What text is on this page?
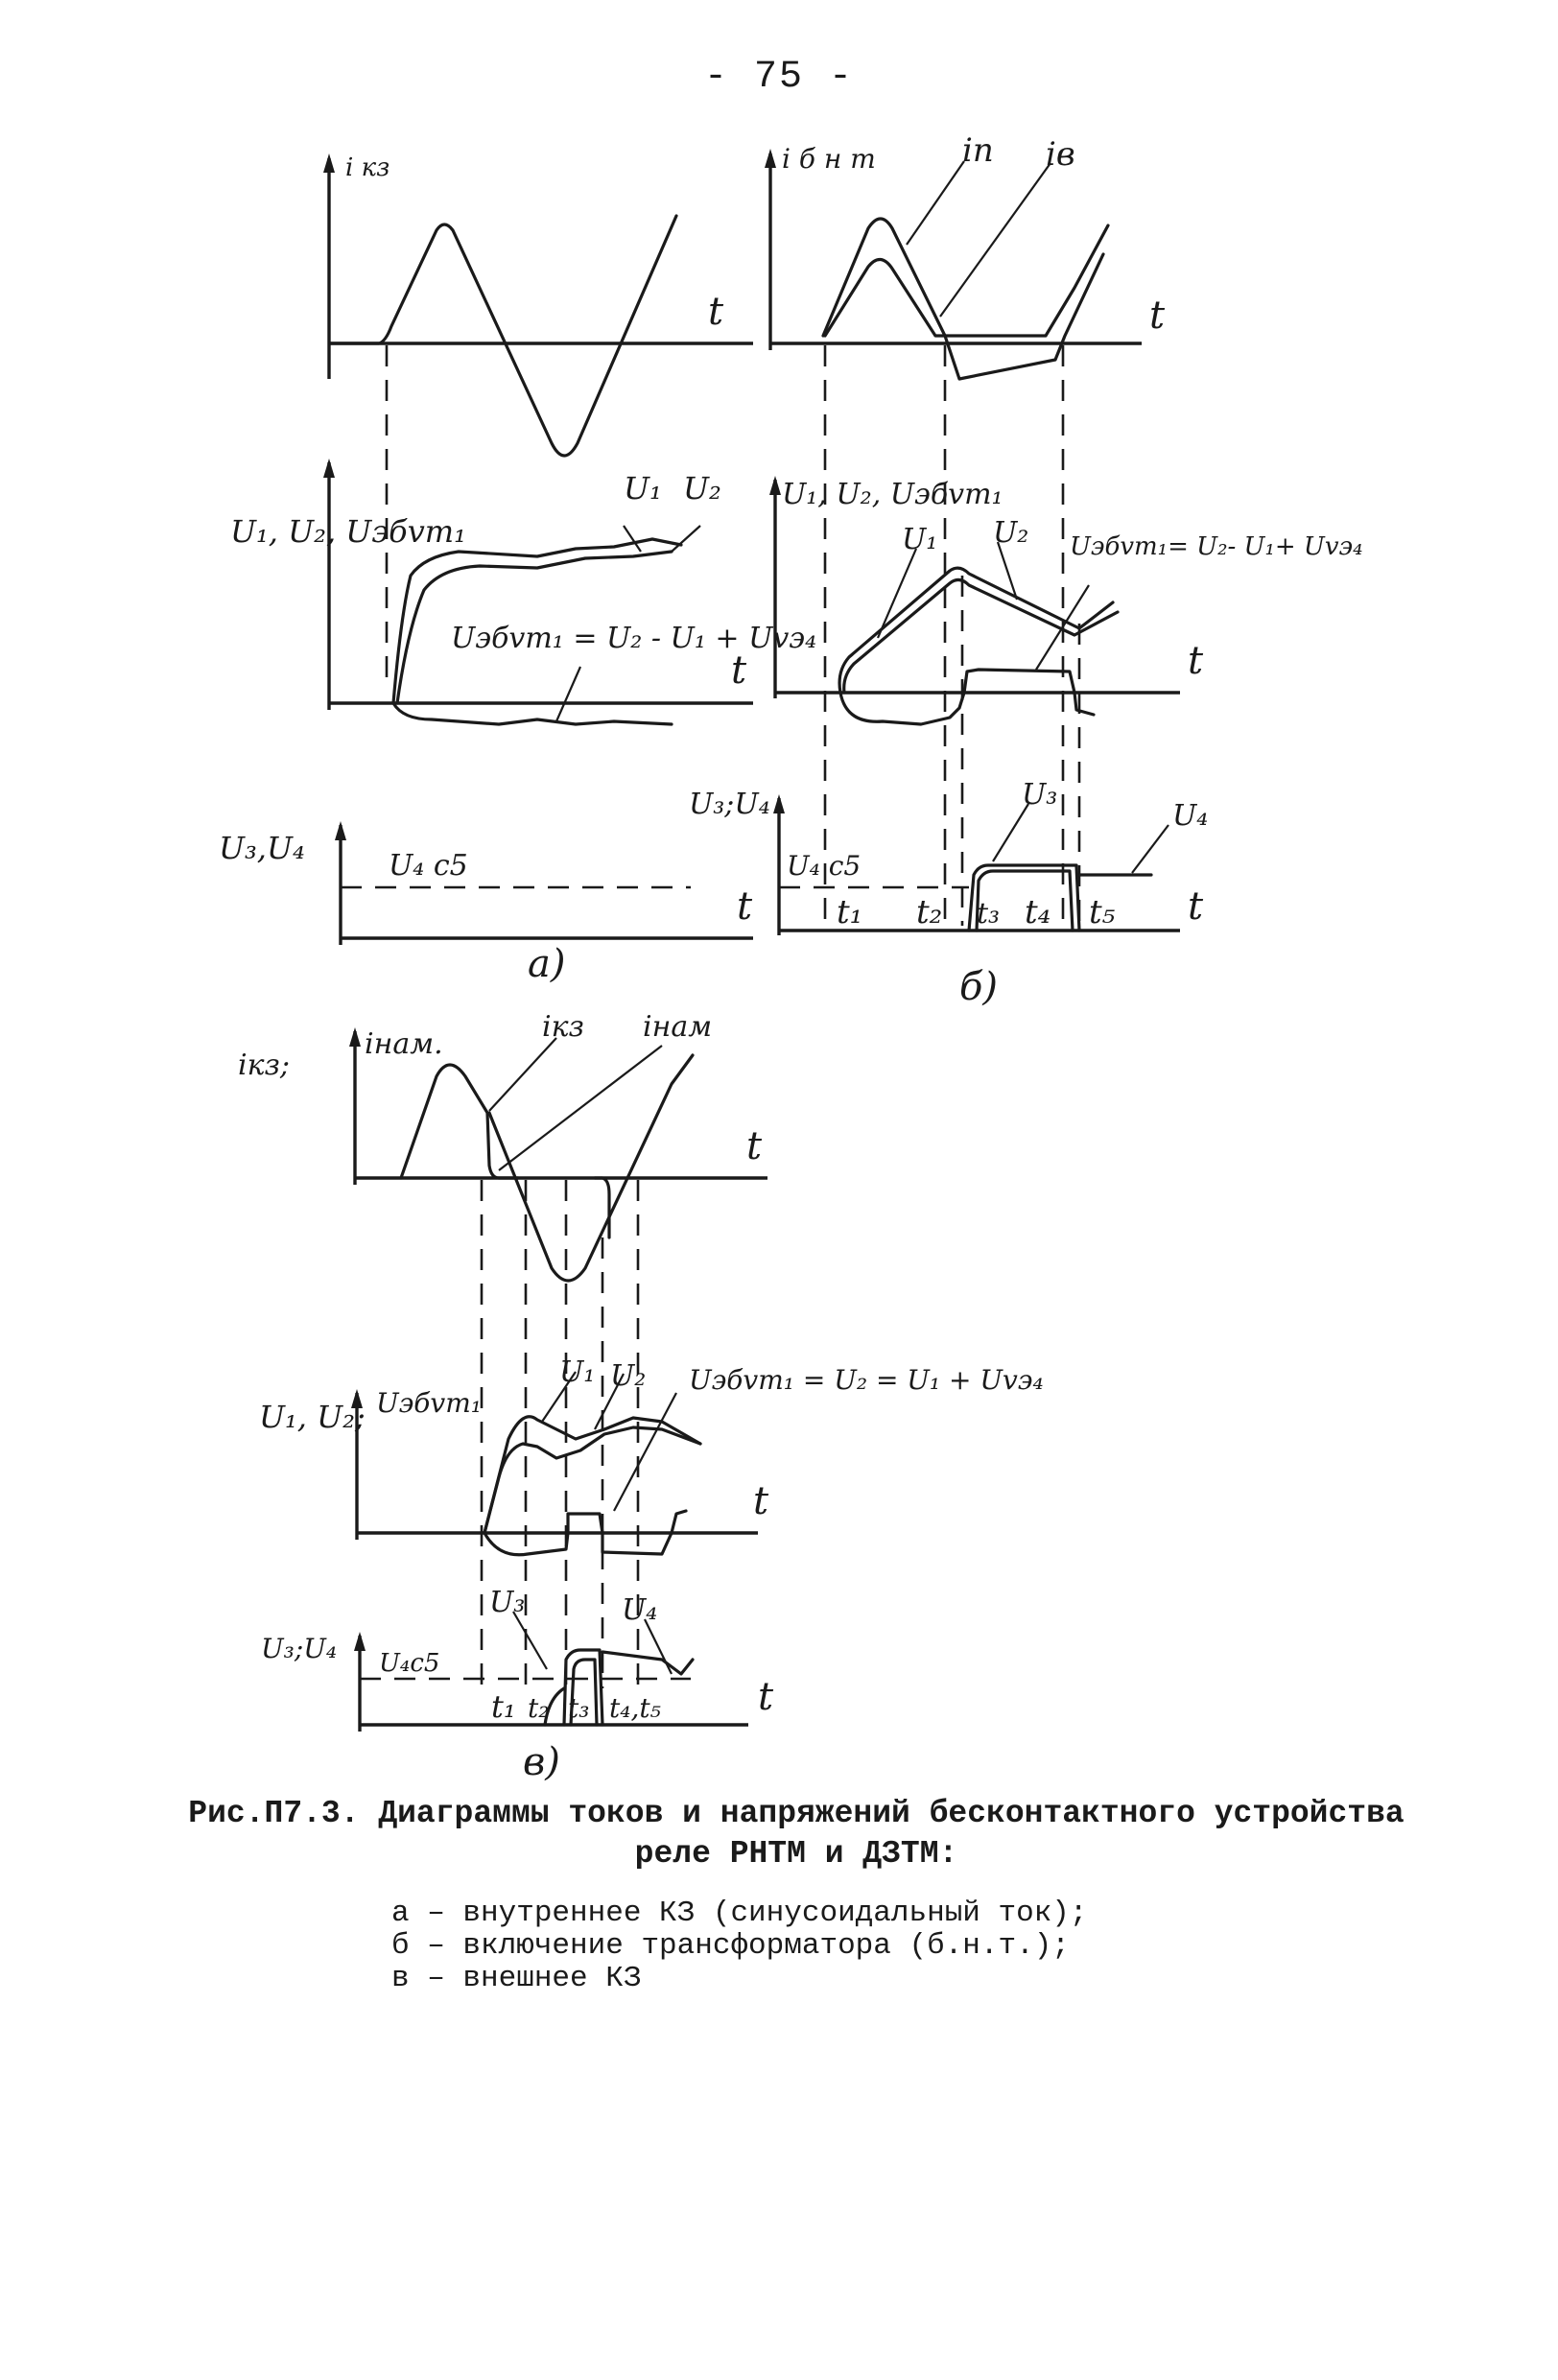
- 75 -
i кз
t
U₁, U₂, Uэбvт₁
U₁ U₂
Uэбvт₁ = U₂ - U₁ + Uvэ₄
t
U₃,U₄	U₄ c5
t
a)
i б н т	iп iв
t
U₁, U₂, Uэбvт₁
U₁ U₂ Uэбvт₁= U₂- U₁+ Uvэ₄
t
U₃;U₄	U₃
U₄
U₄ c5
t₁ t₂ t₃ t₄ t₅ t
б)
iкз;
iнам.
iкз iнам
t
U₁, U₂; Uэбvт₁
U₁ U₂ Uэбvт₁ = U₂ = U₁ + Uvэ₄
t
U₃;U₄
U₃	U₄
U₄c5
t₁ t₂ t₃ t₄,t₅	t
в)
Рис.П7.3. Диаграммы токов и напряжений бесконтактного устройства
реле РНТМ и ДЗТМ:
а – внутреннее КЗ (синусоидальный ток);
б – включение трансформатора (б.н.т.);
в – внешнее КЗ
